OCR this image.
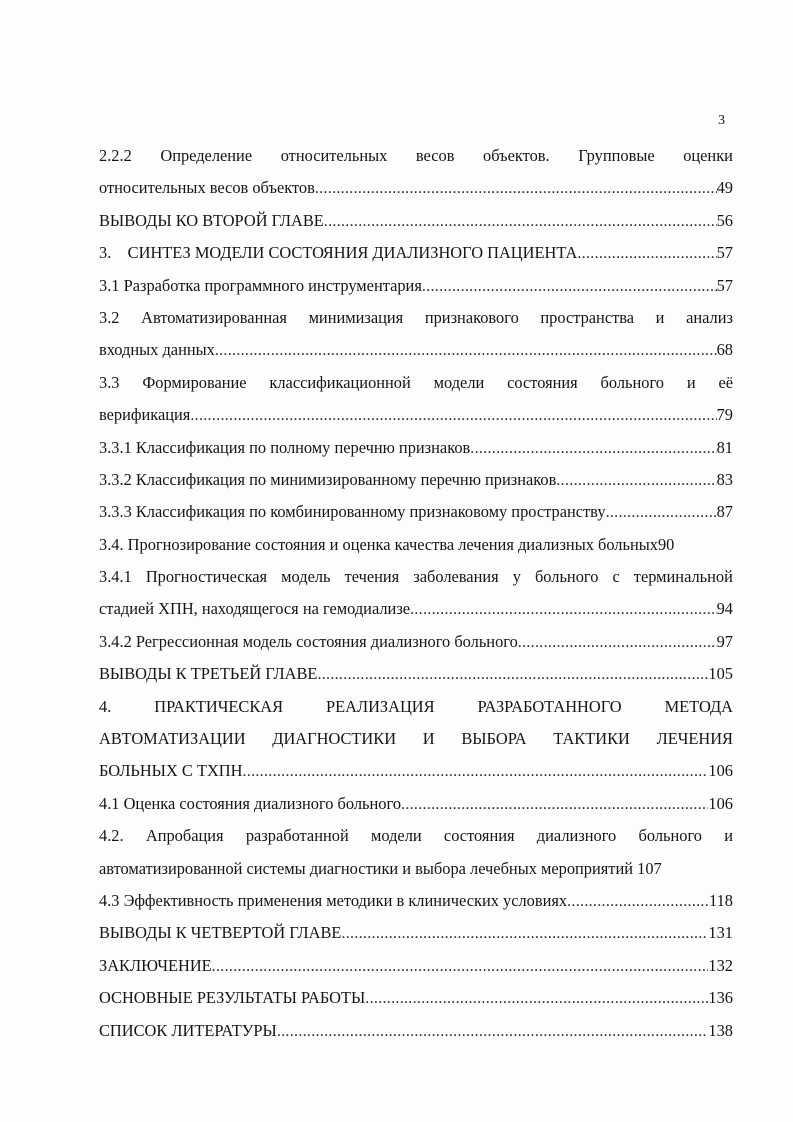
3
2.2.2 Определение относительных весов объектов. Групповые оценки
относительных весов объектов .....	49
ВЫВОДЫ КО ВТОРОЙ ГЛАВЕ .....	56
3.    СИНТЕЗ МОДЕЛИ СОСТОЯНИЯ ДИАЛИЗНОГО ПАЦИЕНТА .....	57
3.1 Разработка программного инструментария .....	57
3.2 Автоматизированная минимизация признакового пространства и анализ
входных данных .....	68
3.3 Формирование классификационной модели состояния больного и её
верификация .....	79
3.3.1 Классификация по полному перечню признаков .....	81
3.3.2 Классификация по минимизированному перечню признаков .....	83
3.3.3 Классификация по комбинированному признаковому пространству .....	87
3.4. Прогнозирование состояния и оценка качества лечения диализных больных 90
3.4.1 Прогностическая модель течения заболевания у больного с терминальной
стадией ХПН, находящегося на гемодиализе .....	94
3.4.2 Регрессионная модель состояния диализного больного .....	97
ВЫВОДЫ К ТРЕТЬЕЙ ГЛАВЕ .....	105
4.	ПРАКТИЧЕСКАЯ	РЕАЛИЗАЦИЯ	РАЗРАБОТАННОГО	МЕТОДА
АВТОМАТИЗАЦИИ ДИАГНОСТИКИ И ВЫБОРА ТАКТИКИ ЛЕЧЕНИЯ
БОЛЬНЫХ С ТХПН .....	106
4.1 Оценка состояния диализного больного .....	106
4.2. Апробация разработанной модели состояния диализного больного и
автоматизированной системы диагностики и выбора лечебных мероприятий
107
4.3 Эффективность применения методики в клинических условиях .....	118
ВЫВОДЫ К ЧЕТВЕРТОЙ ГЛАВЕ .....	131
ЗАКЛЮЧЕНИЕ .....	132
ОСНОВНЫЕ РЕЗУЛЬТАТЫ РАБОТЫ .....	136
СПИСОК ЛИТЕРАТУРЫ .....	138
